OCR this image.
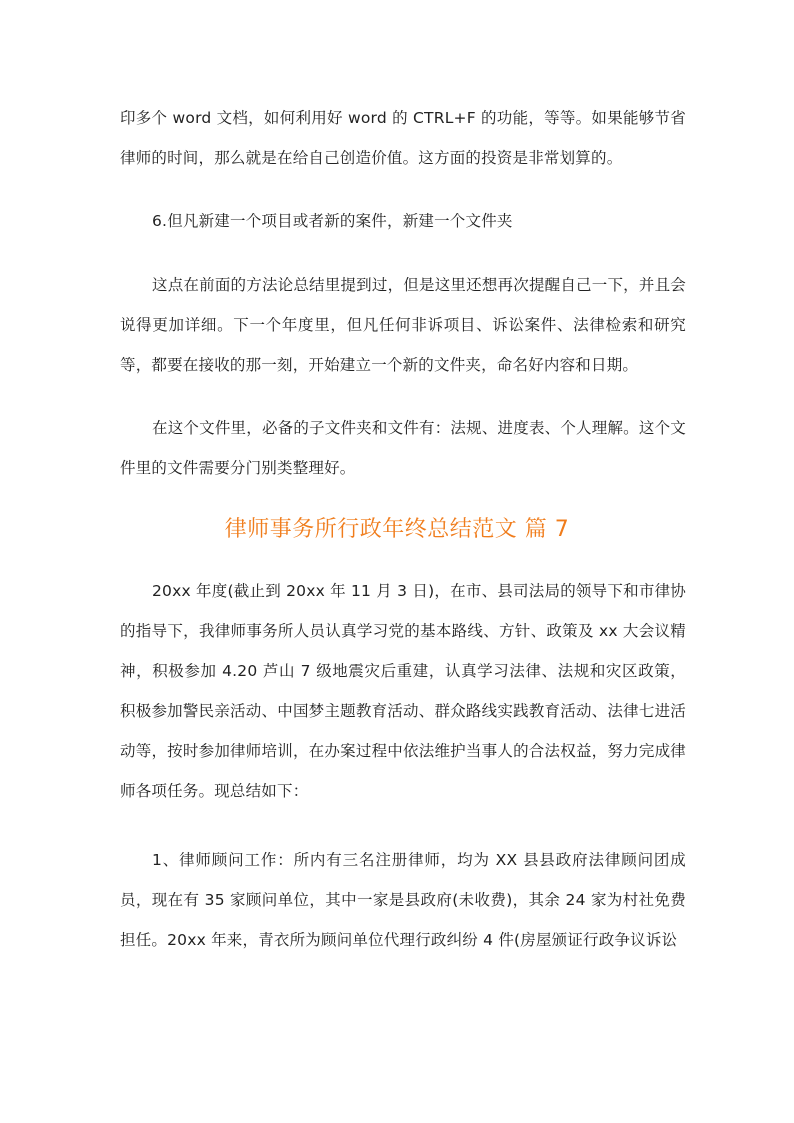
印多个 word 文档，如何利用好 word 的 CTRL+F 的功能，等等。如果能够节省律师的时间，那么就是在给自己创造价值。这方面的投资是非常划算的。

6.但凡新建一个项目或者新的案件，新建一个文件夹

这点在前面的方法论总结里提到过，但是这里还想再次提醒自己一下，并且会说得更加详细。下一个年度里，但凡任何非诉项目、诉讼案件、法律检索和研究等，都要在接收的那一刻，开始建立一个新的文件夹，命名好内容和日期。

在这个文件里，必备的子文件夹和文件有：法规、进度表、个人理解。这个文件里的文件需要分门别类整理好。

律师事务所行政年终总结范文 篇 7

20xx 年度(截止到 20xx 年 11 月 3 日)，在市、县司法局的领导下和市律协的指导下，我律师事务所人员认真学习党的基本路线、方针、政策及 xx 大会议精神，积极参加 4.20 芦山 7 级地震灾后重建，认真学习法律、法规和灾区政策，积极参加警民亲活动、中国梦主题教育活动、群众路线实践教育活动、法律七进活动等，按时参加律师培训，在办案过程中依法维护当事人的合法权益，努力完成律师各项任务。现总结如下：

1、律师顾问工作：所内有三名注册律师，均为 XX 县县政府法律顾问团成员，现在有 35 家顾问单位，其中一家是县政府(未收费)，其余 24 家为村社免费担任。20xx 年来，青衣所为顾问单位代理行政纠纷 4 件(房屋颁证行政争议诉讼
